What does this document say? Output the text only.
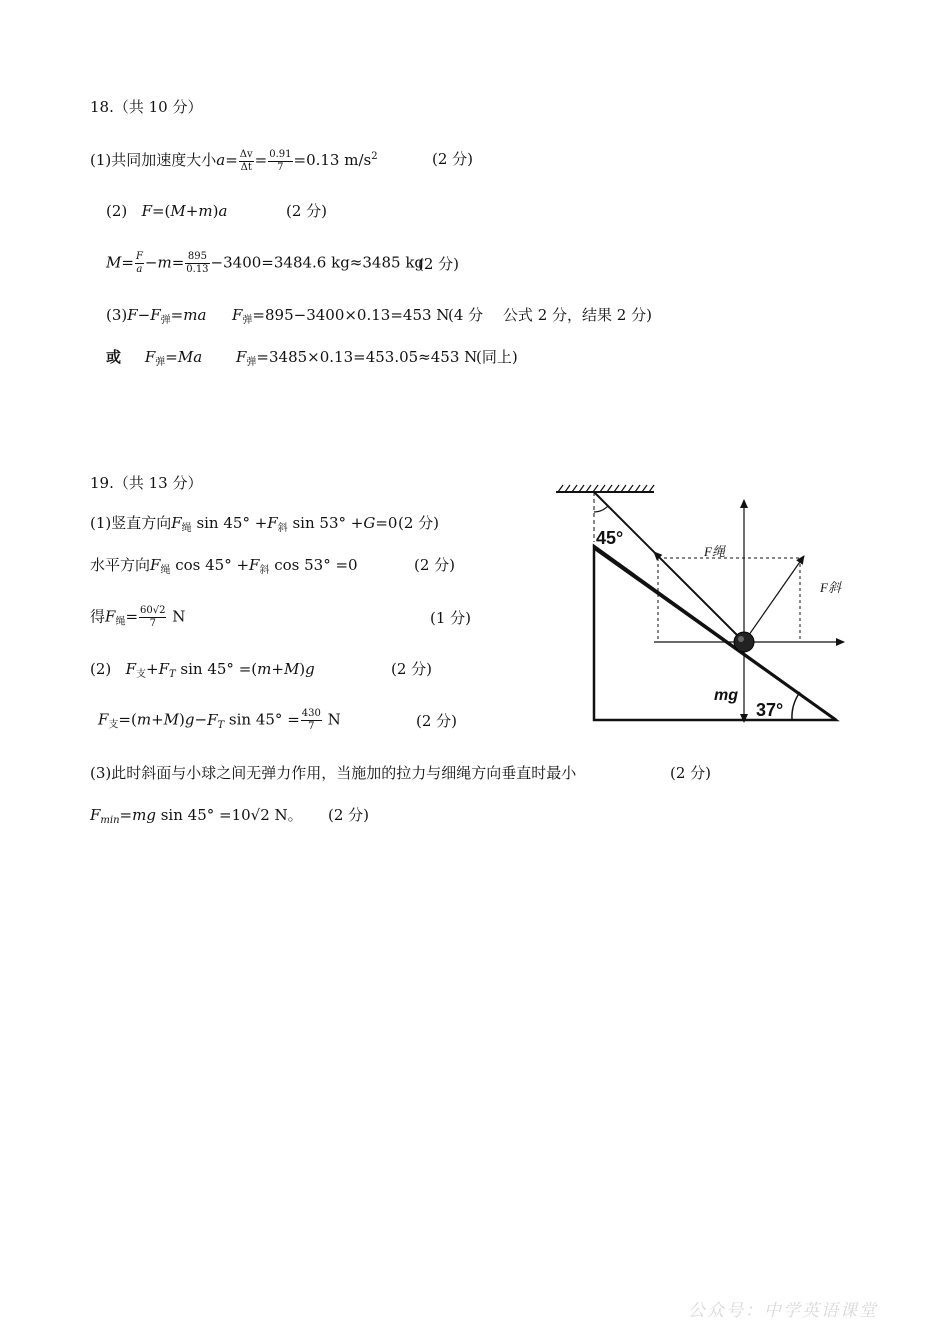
18.（共 10 分）
(1)共同加速度大小$a= \frac{\Delta v}{\Delta t} = \frac{0.91}{7} =0.13$ $m/s^2$	(2 分)
(2) F=(M+m)a	(2 分)
$M= \frac{F}{a} -m= \frac{895}{0.13} -3400=3484.6$ kg≈3485 kg
(2 分)
$(3)F-F_弹=ma$ $F_弹=895-3400\times 0.13=453$ N
(4 分　 公式 2 分，结果 2 分)
或 $F_弹=Ma$ $F_弹=3485\times 0.13=453.05\approx 453$ N
(同上)
19.（共 13 分）
(1)竖直方向$F_绳$ $\sin 45^\circ +F_斜$ sin 53° +G=0 (2 分)
水平方向$F_绳$ $\cos 45^\circ +F_斜$ cos 53° =0	(2 分)
得$F_绳= \frac{60√2}{7}$ N	(1 分)
(2) $F_支+F_T$ sin 45° =(m+M)g	(2 分)
$F_支=(m+M)g-F_T$ $\sin 45^\circ = \frac{430}{7}$ N	(2 分)
(3)此时斜面与小球之间无弹力作用，当施加的拉力与细绳方向垂直时最小	(2 分)
$F_{min}=mg$ sin 45° =10√2 N。 (2 分)
45°
37°
F绳
F斜
mg
公众号：中学英语课堂
